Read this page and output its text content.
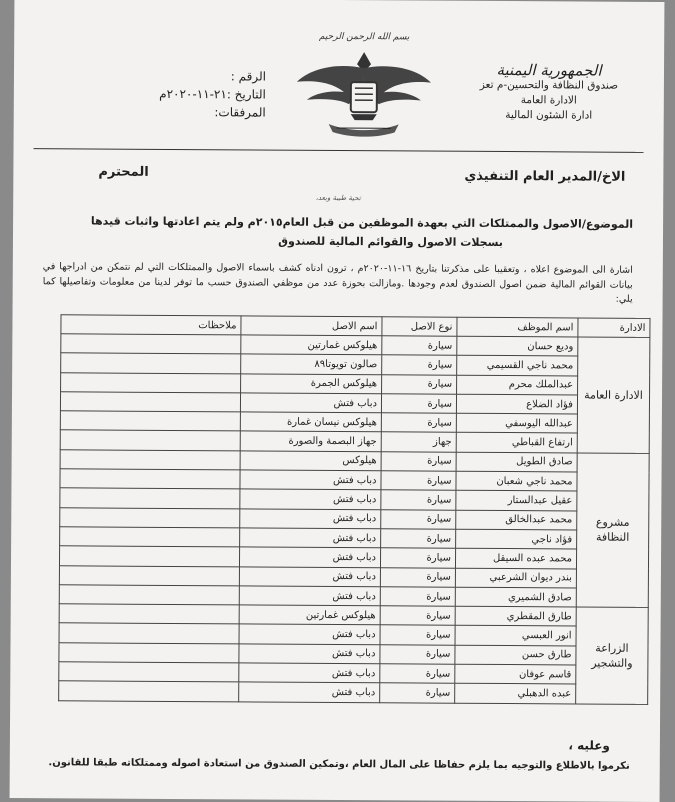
الجمهورية اليمنية
صندوق النظافة والتحسين-م تعز
الادارة العامة
ادارة الشئون المالية
بسم الله الرحمن الرحيم
الرقم :
التاريخ :٢١-١١-٢٠٢٠م
المرفقات:
الاخ/المدير العام التنفيذي
المحترم
تحية طيبة وبعد،
الموضوع/الاصول والممتلكات التي بعهدة الموظفين من قبل العام٢٠١٥م ولم يتم اعادتها واثبات قيدها
بسجلات الاصول والقوائم المالية للصندوق
اشارة الى الموضوع اعلاه ، وتعقيبا على مذكرتنا بتاريخ ١٦-١١-٢٠٢٠م ، ترون ادناه كشف باسماء الاصول والممتلكات التي لم نتمكن من ادراجها في بيانات القوائم المالية ضمن اصول الصندوق لعدم وجودها .ومازالت بحوزة عدد من موظفي الصندوق حسب ما توفر لدينا من معلومات وتفاصيلها كما يلي:
الادارة	اسم الموظف	نوع الاصل	اسم الاصل	ملاحظات
الادارة العامة	وديع حسان	سيارة	هيلوكس غمارتين	
	محمد ناجي القسيمي	سيارة	صالون تويوتا٨٩	
	عبدالملك محرم	سيارة	هيلوكس الجمرة	
	فؤاد الضلاع	سيارة	دباب فتش	
	عبدالله اليوسفي	سيارة	هيلوكس نيسان غمارة	
	ارتفاع القباطي	جهاز	جهاز البصمة والصورة	
مشروع النظافة	صادق الطويل	سيارة	هيلوكس	
	محمد ناجي شعبان	سيارة	دباب فتش	
	عقيل عبدالستار	سيارة	دباب فتش	
	محمد عبدالخالق	سيارة	دباب فتش	
	فؤاد ناجي	سيارة	دباب فتش	
	محمد عبده السيقل	سيارة	دباب فتش	
	بندر ديوان الشرعبي	سيارة	دباب فتش	
	صادق الشميري	سيارة	دباب فتش	
الزراعة والتشجير	طارق المقطري	سيارة	هيلوكس غمارتين	
	انور العبسي	سيارة	دباب فتش	
	طارق حسن	سيارة	دباب فتش	
	قاسم عوفان	سيارة	دباب فتش	
	عبده الدهبلي	سيارة	دباب فتش	
وعليه ،
نكرموا بالاطلاع والتوجيه بما يلزم حفاظا على المال العام ،وتمكين الصندوق من استعادة اصوله وممتلكاته طبقا للقانون.
